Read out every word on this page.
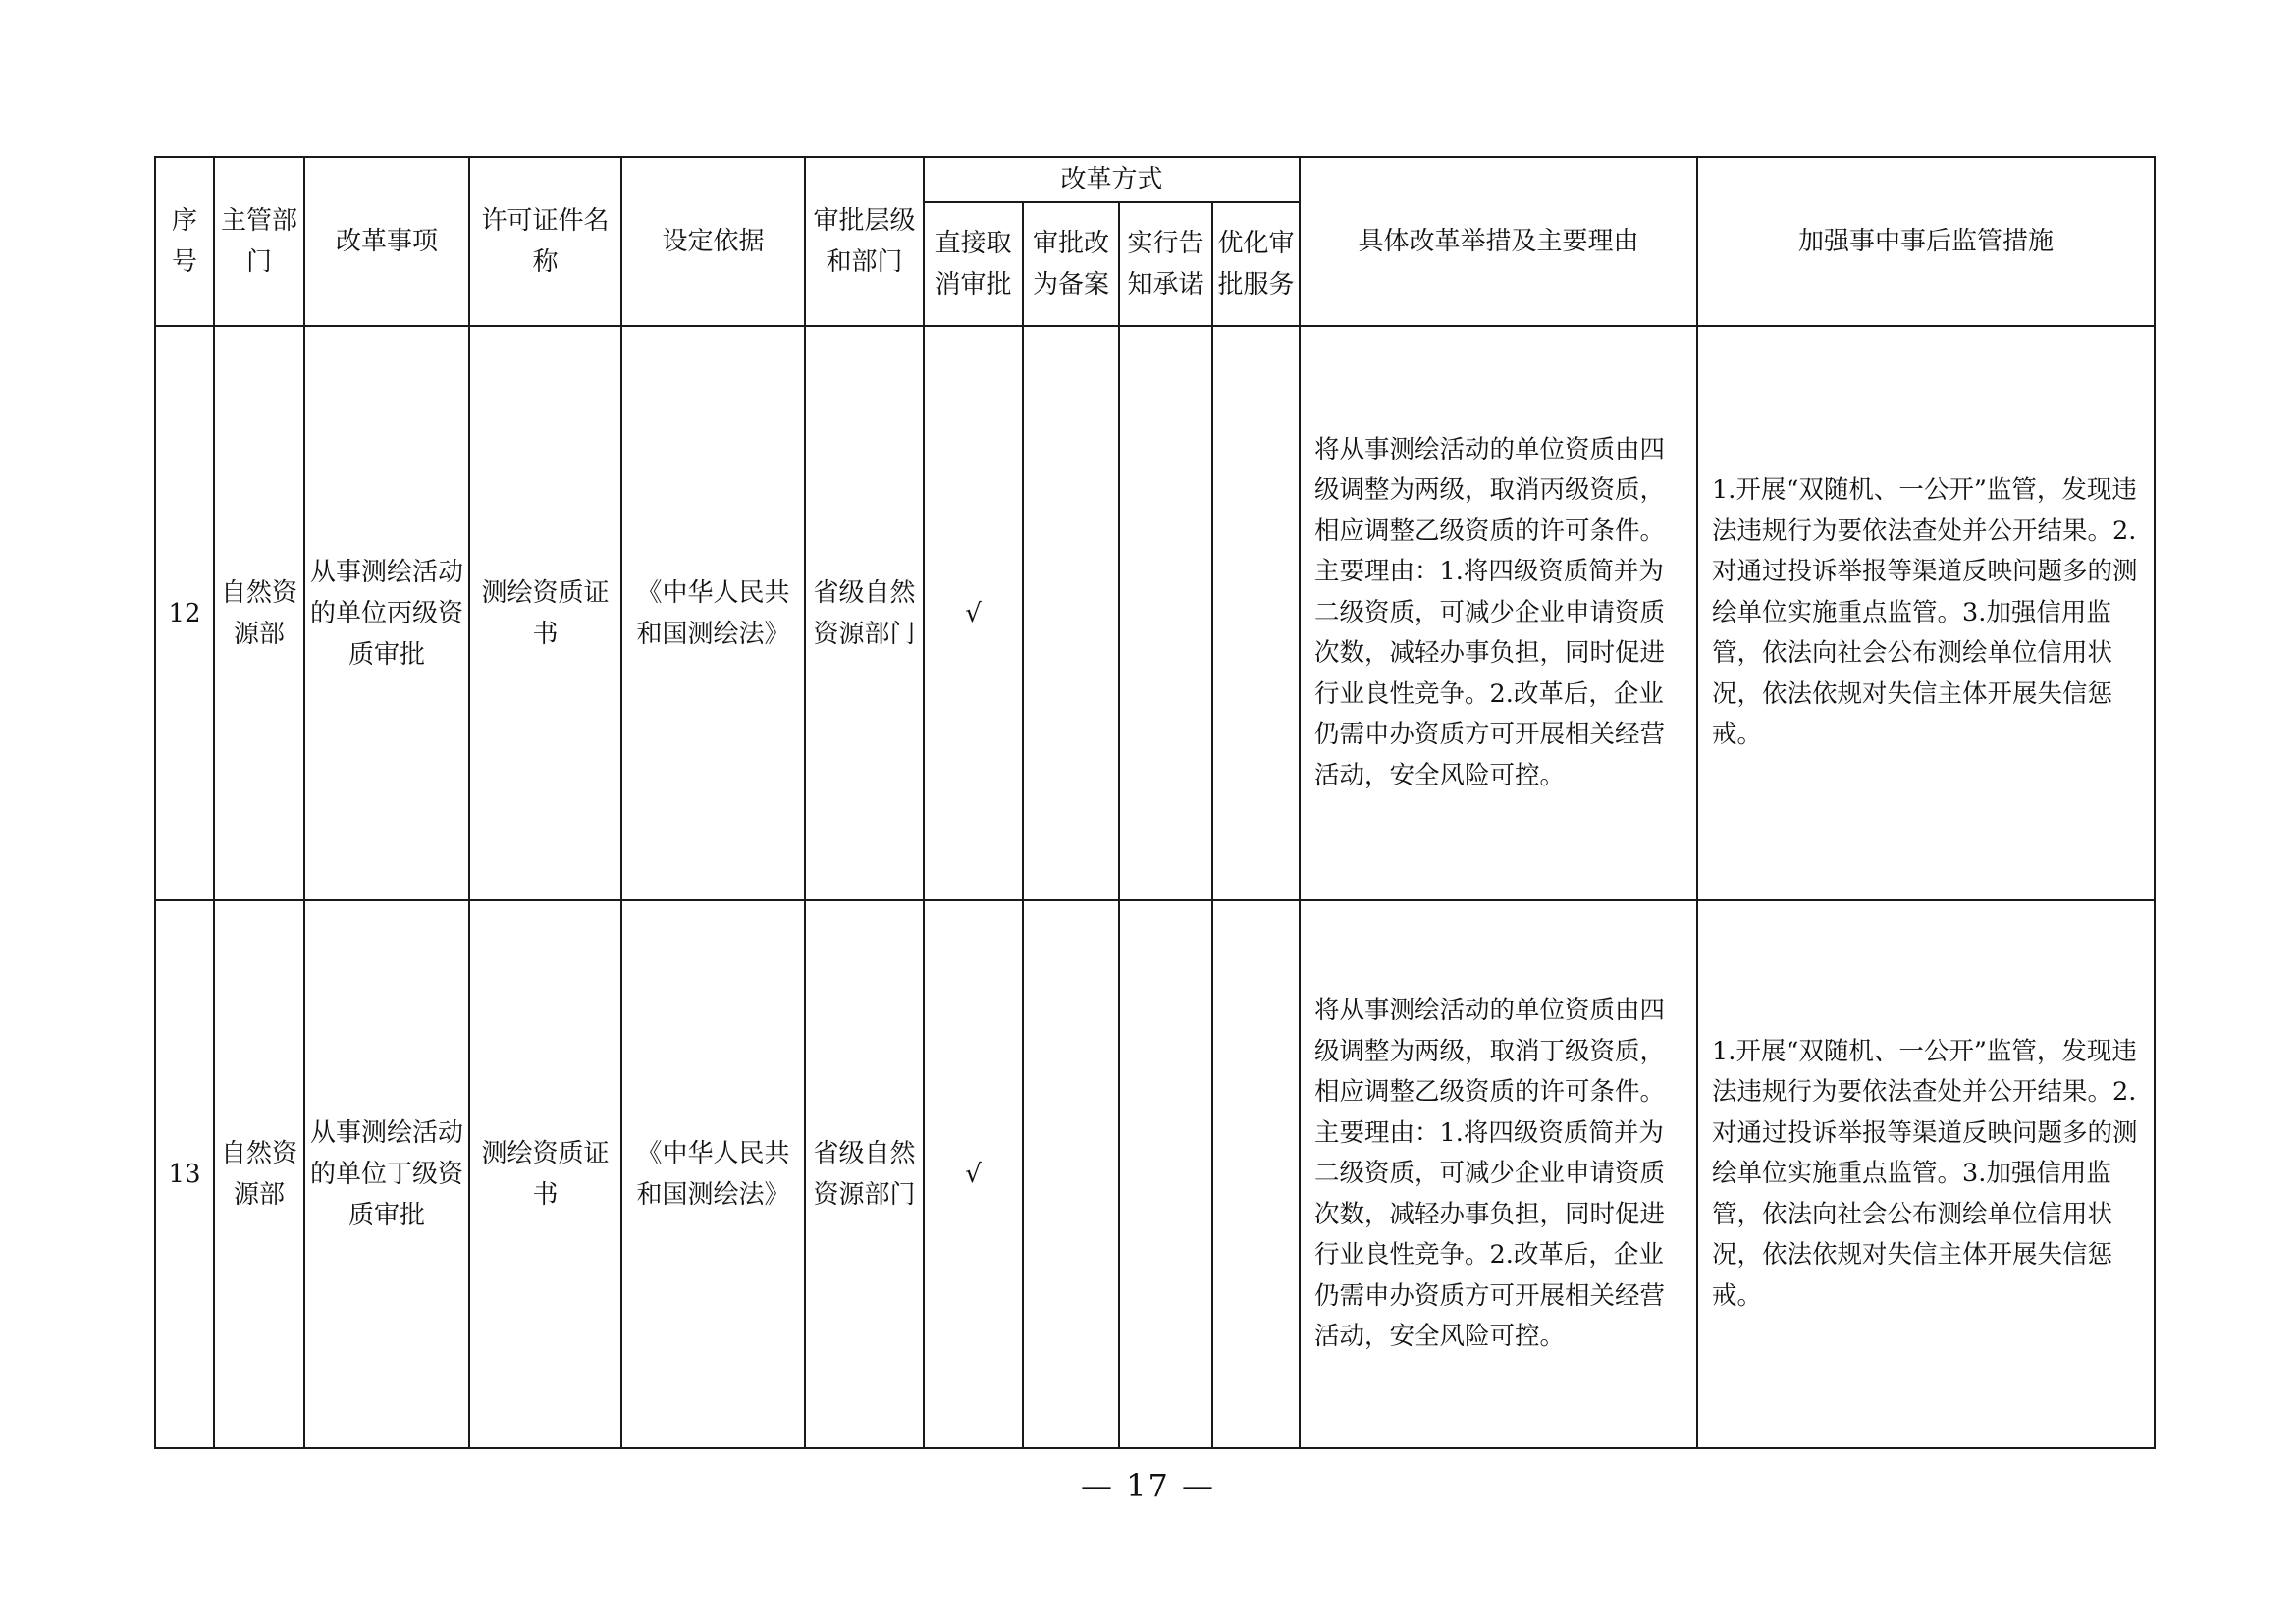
序号	主管部门	改革事项	许可证件名称	设定依据	审批层级和部门	改革方式				具体改革举措及主要理由	加强事中事后监管措施
						直接取消审批	审批改为备案	实行告知承诺	优化审批服务		
12	自然资源部	从事测绘活动的单位丙级资质审批	测绘资质证书	《中华人民共和国测绘法》	省级自然资源部门	√				将从事测绘活动的单位资质由四级调整为两级，取消丙级资质，相应调整乙级资质的许可条件。主要理由：1.将四级资质简并为二级资质，可减少企业申请资质次数，减轻办事负担，同时促进行业良性竞争。2.改革后，企业仍需申办资质方可开展相关经营活动，安全风险可控。	1.开展“双随机、一公开”监管，发现违法违规行为要依法查处并公开结果。2.对通过投诉举报等渠道反映问题多的测绘单位实施重点监管。3.加强信用监管，依法向社会公布测绘单位信用状况，依法依规对失信主体开展失信惩戒。
13	自然资源部	从事测绘活动的单位丁级资质审批	测绘资质证书	《中华人民共和国测绘法》	省级自然资源部门	√				将从事测绘活动的单位资质由四级调整为两级，取消丁级资质，相应调整乙级资质的许可条件。主要理由：1.将四级资质简并为二级资质，可减少企业申请资质次数，减轻办事负担，同时促进行业良性竞争。2.改革后，企业仍需申办资质方可开展相关经营活动，安全风险可控。	1.开展“双随机、一公开”监管，发现违法违规行为要依法查处并公开结果。2.对通过投诉举报等渠道反映问题多的测绘单位实施重点监管。3.加强信用监管，依法向社会公布测绘单位信用状况，依法依规对失信主体开展失信惩戒。
— 17 —
